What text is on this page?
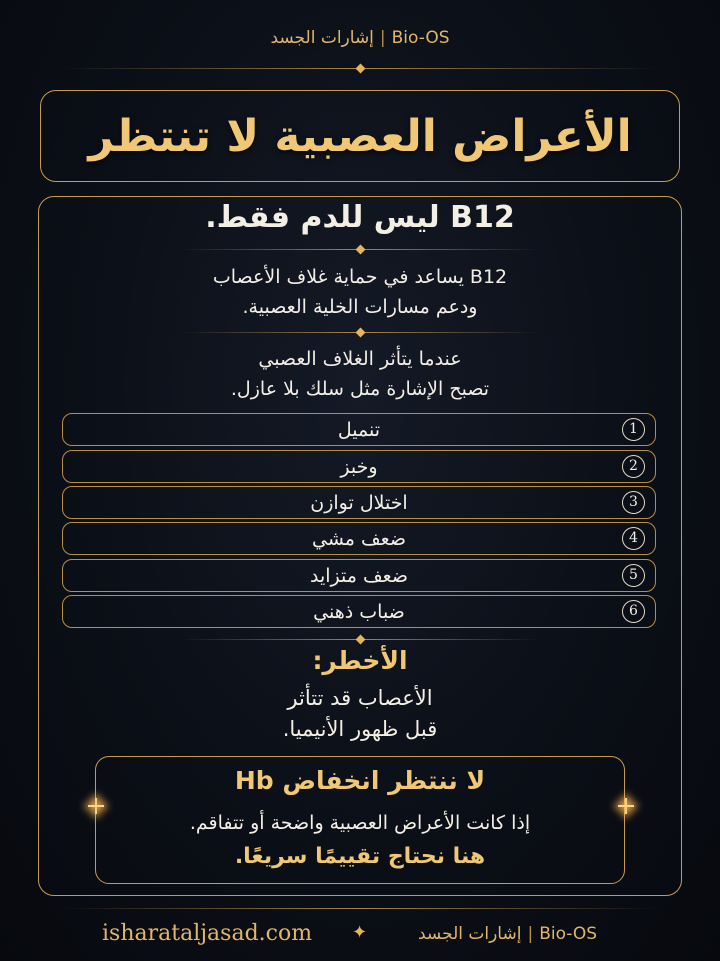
إشارات الجسد | Bio-OS
الأعراض العصبية لا تنتظر
B12 ليس للدم فقط.
B12 يساعد في حماية غلاف الأعصاب
ودعم مسارات الخلية العصبية.
عندما يتأثر الغلاف العصبي
تصبح الإشارة مثل سلك بلا عازل.
تنميل	1
وخبز	2
اختلال توازن	3
ضعف مشي	4
ضعف متزايد	5
ضباب ذهني	6
الأخطر:
الأعصاب قد تتأثر
قبل ظهور الأنيميا.
لا ننتظر انخفاض Hb
إذا كانت الأعراض العصبية واضحة أو تتفاقم.
هنا نحتاج تقييمًا سريعًا.
isharataljasad.com ✦	إشارات الجسد | Bio-OS
